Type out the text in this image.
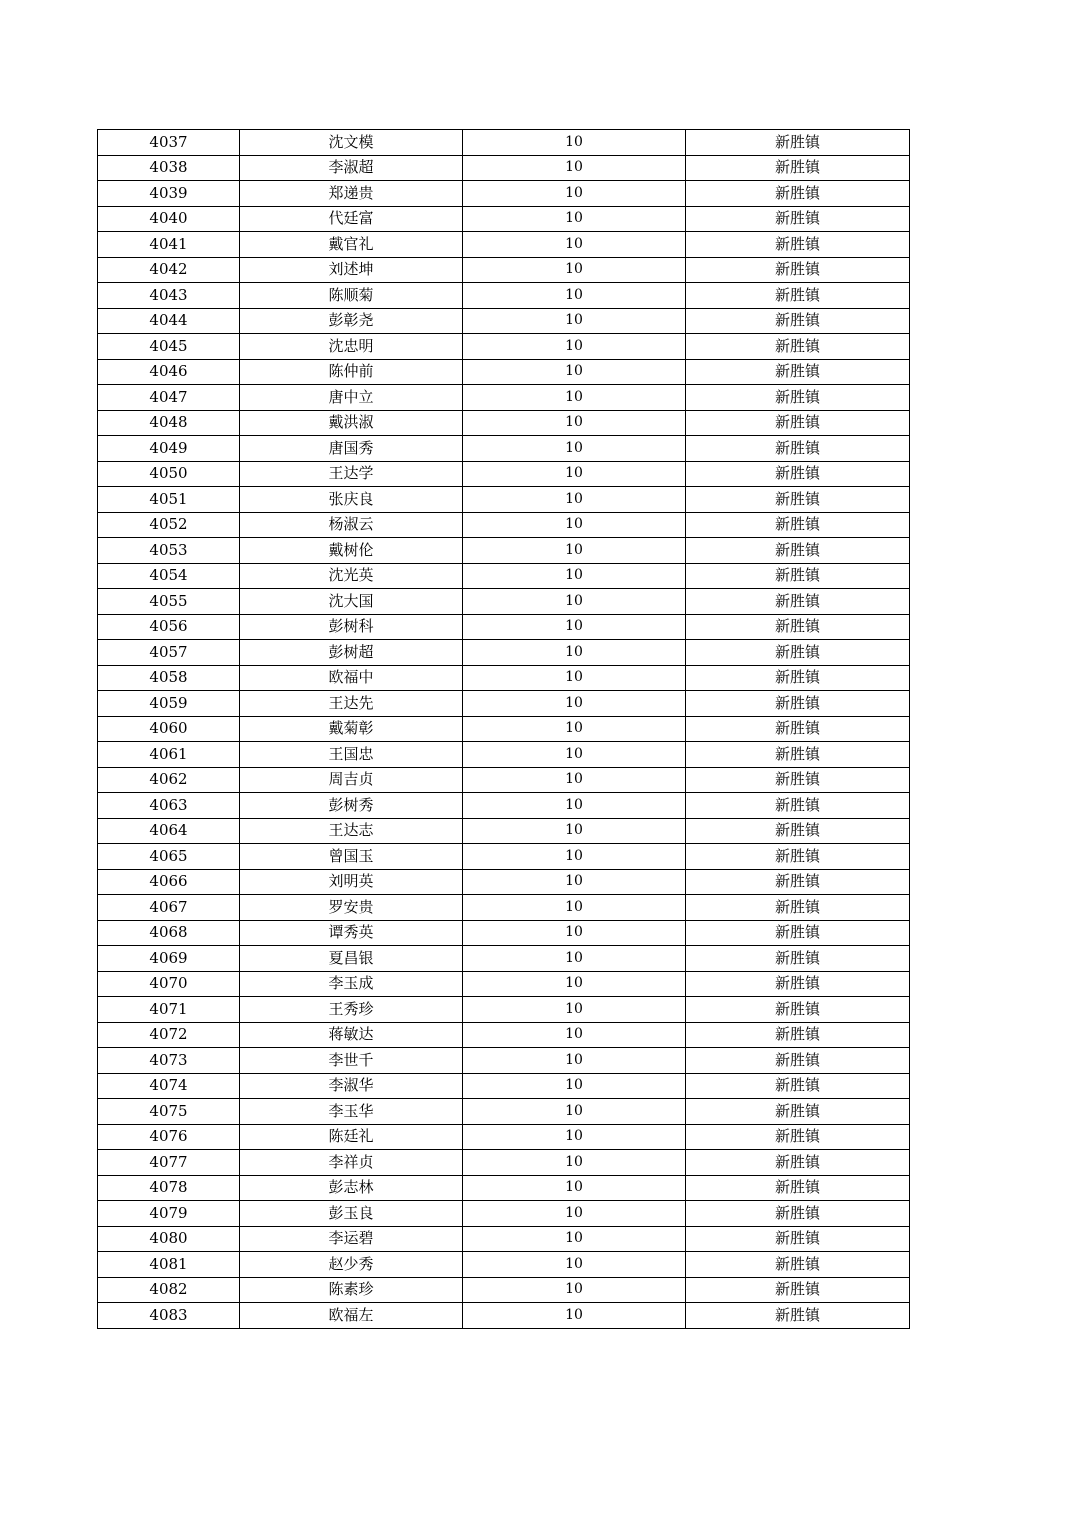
4037	沈文模	10	新胜镇
4038	李淑超	10	新胜镇
4039	郑递贵	10	新胜镇
4040	代廷富	10	新胜镇
4041	戴官礼	10	新胜镇
4042	刘述坤	10	新胜镇
4043	陈顺菊	10	新胜镇
4044	彭彰尧	10	新胜镇
4045	沈忠明	10	新胜镇
4046	陈仲前	10	新胜镇
4047	唐中立	10	新胜镇
4048	戴洪淑	10	新胜镇
4049	唐国秀	10	新胜镇
4050	王达学	10	新胜镇
4051	张庆良	10	新胜镇
4052	杨淑云	10	新胜镇
4053	戴树伦	10	新胜镇
4054	沈光英	10	新胜镇
4055	沈大国	10	新胜镇
4056	彭树科	10	新胜镇
4057	彭树超	10	新胜镇
4058	欧福中	10	新胜镇
4059	王达先	10	新胜镇
4060	戴菊彰	10	新胜镇
4061	王国忠	10	新胜镇
4062	周吉贞	10	新胜镇
4063	彭树秀	10	新胜镇
4064	王达志	10	新胜镇
4065	曾国玉	10	新胜镇
4066	刘明英	10	新胜镇
4067	罗安贵	10	新胜镇
4068	谭秀英	10	新胜镇
4069	夏昌银	10	新胜镇
4070	李玉成	10	新胜镇
4071	王秀珍	10	新胜镇
4072	蒋敏达	10	新胜镇
4073	李世千	10	新胜镇
4074	李淑华	10	新胜镇
4075	李玉华	10	新胜镇
4076	陈廷礼	10	新胜镇
4077	李祥贞	10	新胜镇
4078	彭志林	10	新胜镇
4079	彭玉良	10	新胜镇
4080	李运碧	10	新胜镇
4081	赵少秀	10	新胜镇
4082	陈素珍	10	新胜镇
4083	欧福左	10	新胜镇
